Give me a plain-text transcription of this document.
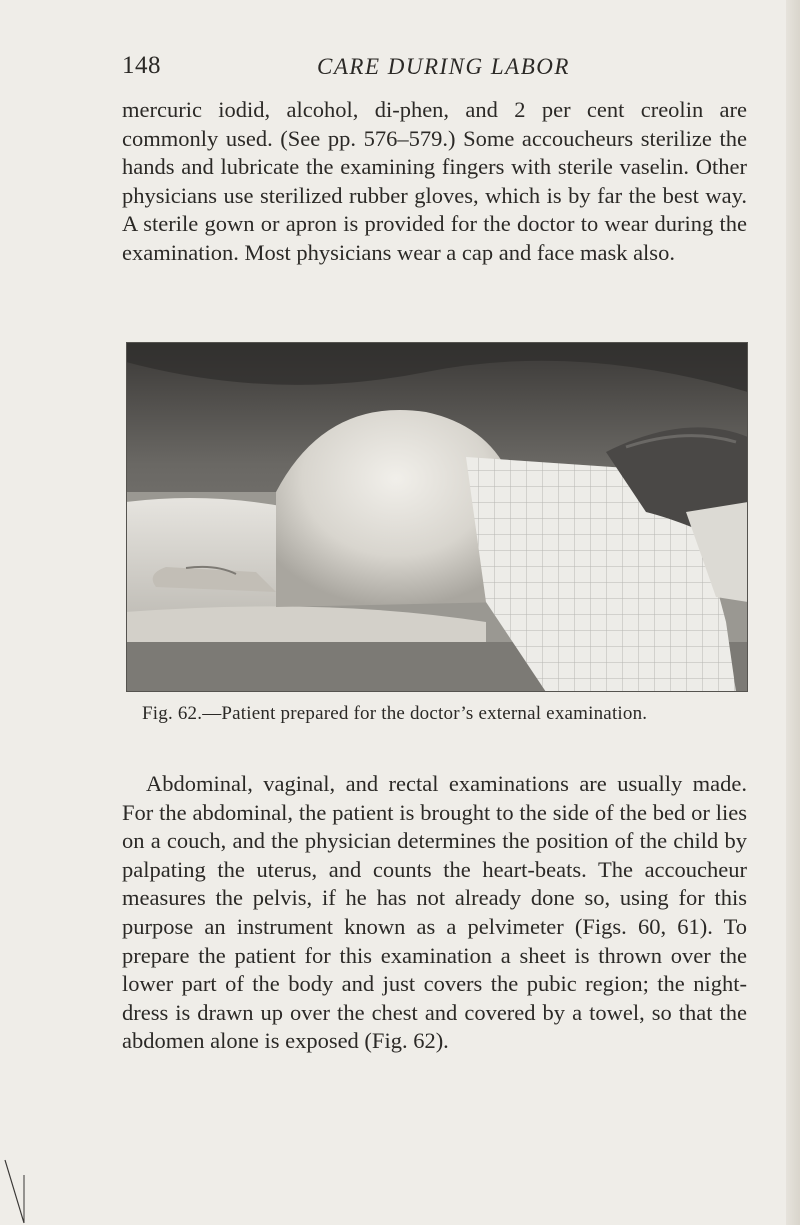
148	CARE DURING LABOR

mercuric iodid, alcohol, di-phen, and 2 per cent creolin are commonly used. (See pp. 576–579.) Some accoucheurs sterilize the hands and lubricate the examining fingers with sterile vaselin. Other physicians use sterilized rubber gloves, which is by far the best way. A sterile gown or apron is provided for the doctor to wear during the examination. Most physicians wear a cap and face mask also.

Fig. 62.—Patient prepared for the doctor’s external examination.

Abdominal, vaginal, and rectal examinations are usually made. For the abdominal, the patient is brought to the side of the bed or lies on a couch, and the physician determines the position of the child by palpating the uterus, and counts the heart-beats. The accoucheur measures the pelvis, if he has not already done so, using for this purpose an instrument known as a pelvimeter (Figs. 60, 61). To prepare the patient for this examination a sheet is thrown over the lower part of the body and just covers the pubic region; the night-dress is drawn up over the chest and covered by a towel, so that the abdomen alone is exposed (Fig. 62).
